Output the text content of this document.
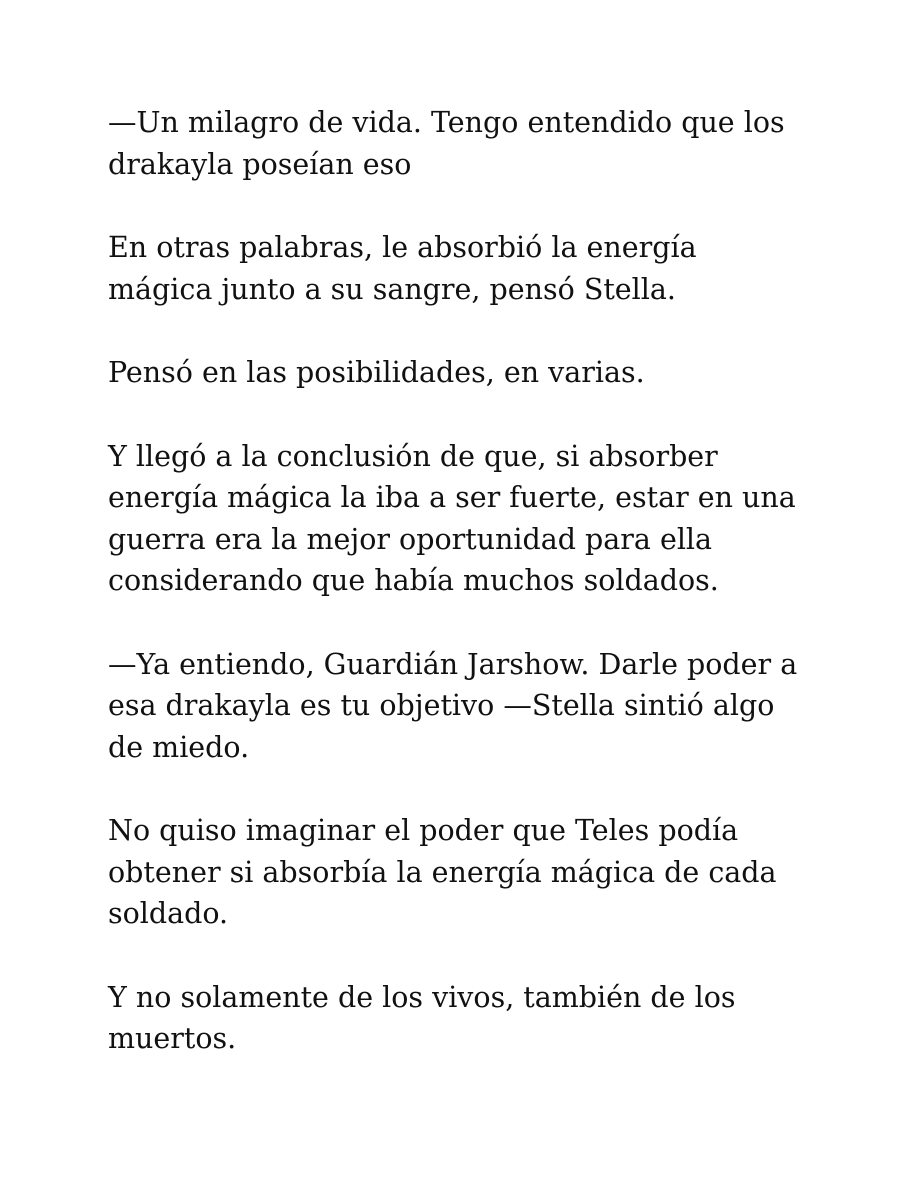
—Un milagro de vida. Tengo entendido que los drakayla poseían eso

En otras palabras, le absorbió la energía mágica junto a su sangre, pensó Stella.

Pensó en las posibilidades, en varias.

Y llegó a la conclusión de que, si absorber energía mágica la iba a ser fuerte, estar en una guerra era la mejor oportunidad para ella considerando que había muchos soldados.

—Ya entiendo, Guardián Jarshow. Darle poder a esa drakayla es tu objetivo —Stella sintió algo de miedo.

No quiso imaginar el poder que Teles podía obtener si absorbía la energía mágica de cada soldado.

Y no solamente de los vivos, también de los muertos.
